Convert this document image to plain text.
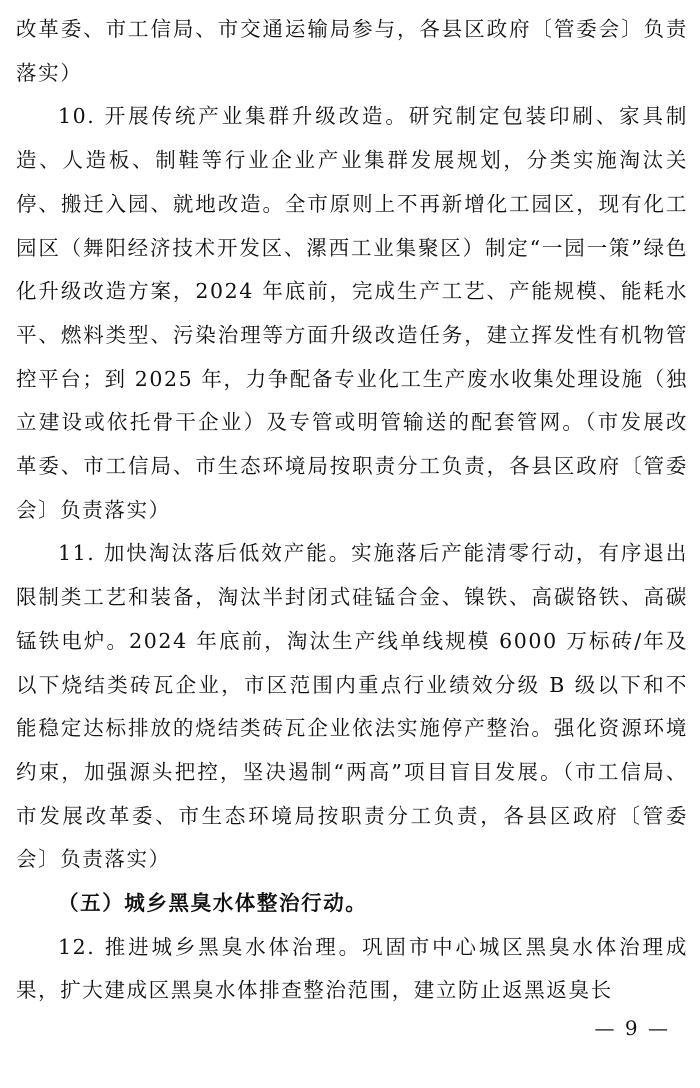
改革委、市工信局、市交通运输局参与，各县区政府〔管委会〕负责落实）

10. 开展传统产业集群升级改造。研究制定包装印刷、家具制造、人造板、制鞋等行业企业产业集群发展规划，分类实施淘汰关停、搬迁入园、就地改造。全市原则上不再新增化工园区，现有化工园区（舞阳经济技术开发区、漯西工业集聚区）制定“一园一策”绿色化升级改造方案，2024 年底前，完成生产工艺、产能规模、能耗水平、燃料类型、污染治理等方面升级改造任务，建立挥发性有机物管控平台；到 2025 年，力争配备专业化工生产废水收集处理设施（独立建设或依托骨干企业）及专管或明管输送的配套管网。（市发展改革委、市工信局、市生态环境局按职责分工负责，各县区政府〔管委会〕负责落实）

11. 加快淘汰落后低效产能。实施落后产能清零行动，有序退出限制类工艺和装备，淘汰半封闭式硅锰合金、镍铁、高碳铬铁、高碳锰铁电炉。2024 年底前，淘汰生产线单线规模 6000 万标砖/年及以下烧结类砖瓦企业，市区范围内重点行业绩效分级 B 级以下和不能稳定达标排放的烧结类砖瓦企业依法实施停产整治。强化资源环境约束，加强源头把控，坚决遏制“两高”项目盲目发展。（市工信局、市发展改革委、市生态环境局按职责分工负责，各县区政府〔管委会〕负责落实）

（五）城乡黑臭水体整治行动。

12. 推进城乡黑臭水体治理。巩固市中心城区黑臭水体治理成果，扩大建成区黑臭水体排查整治范围，建立防止返黑返臭长

— 9 —
